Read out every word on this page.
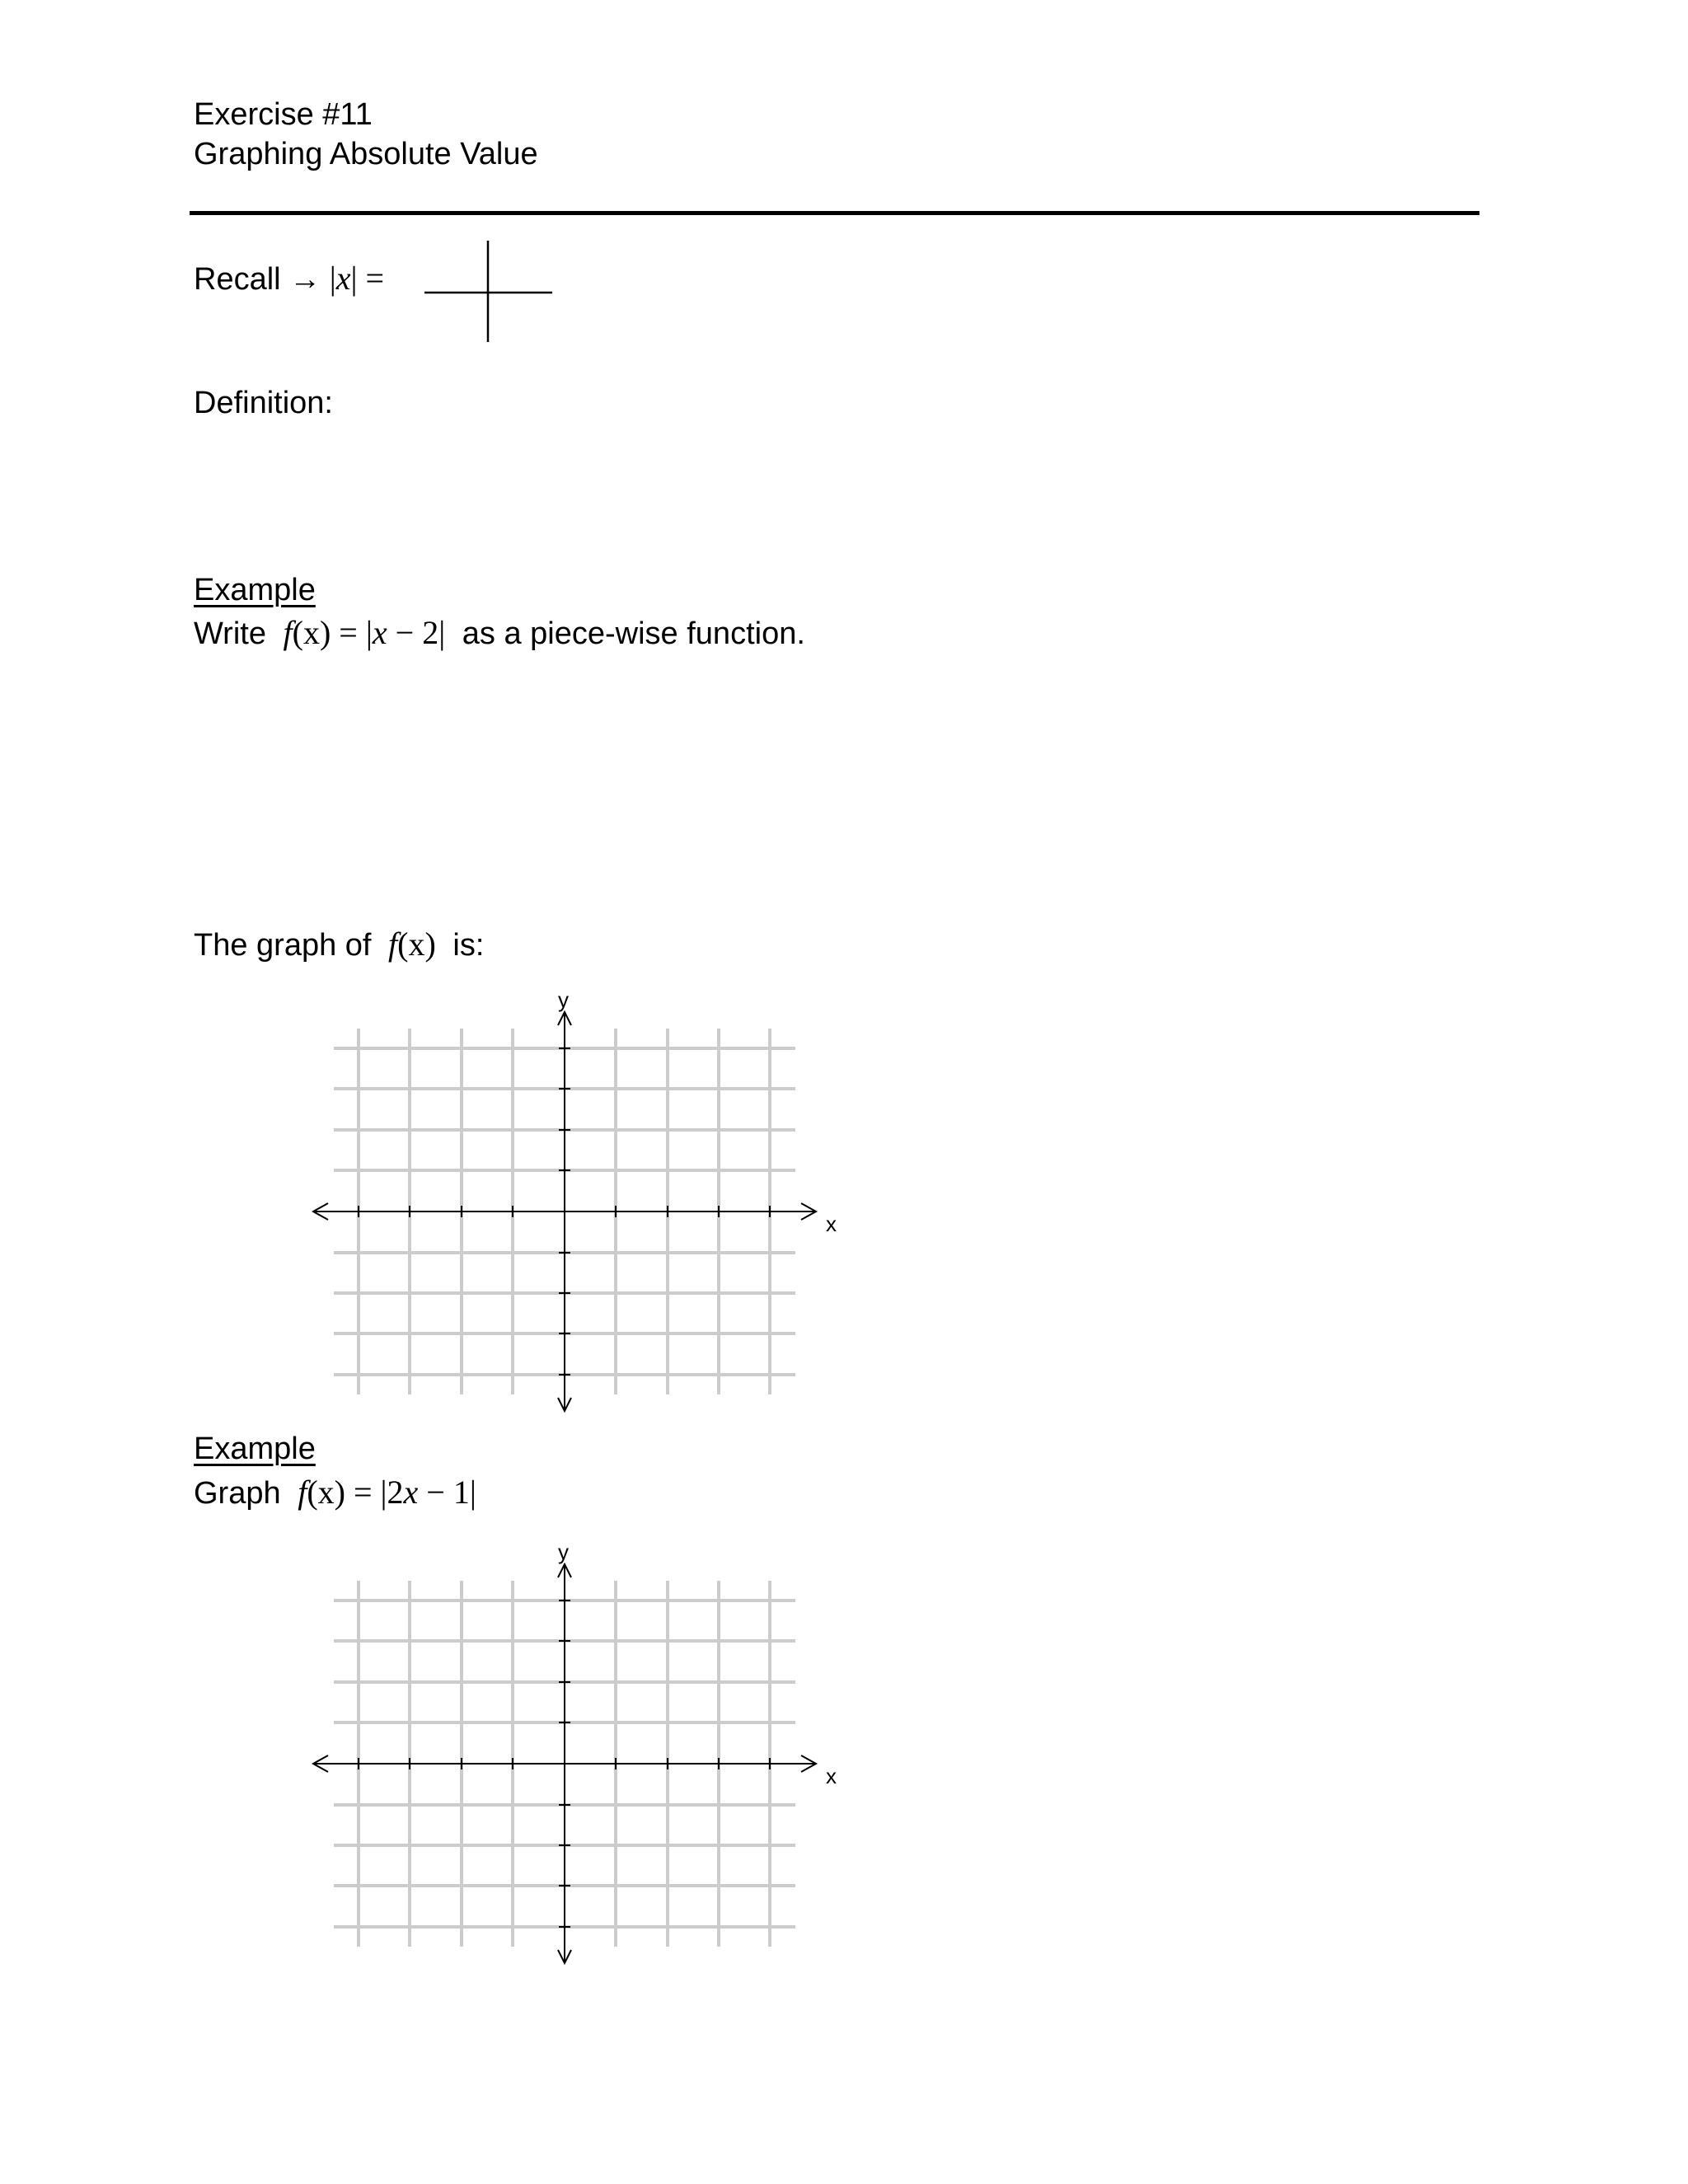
Exercise #11
Graphing Absolute Value
Recall → |x| =
Definition:
Example
Write f(x) = |x − 2| as a piece-wise function.
The graph of f(x) is:
x
y
Example
Graph f(x) = |2x − 1|
x
y
